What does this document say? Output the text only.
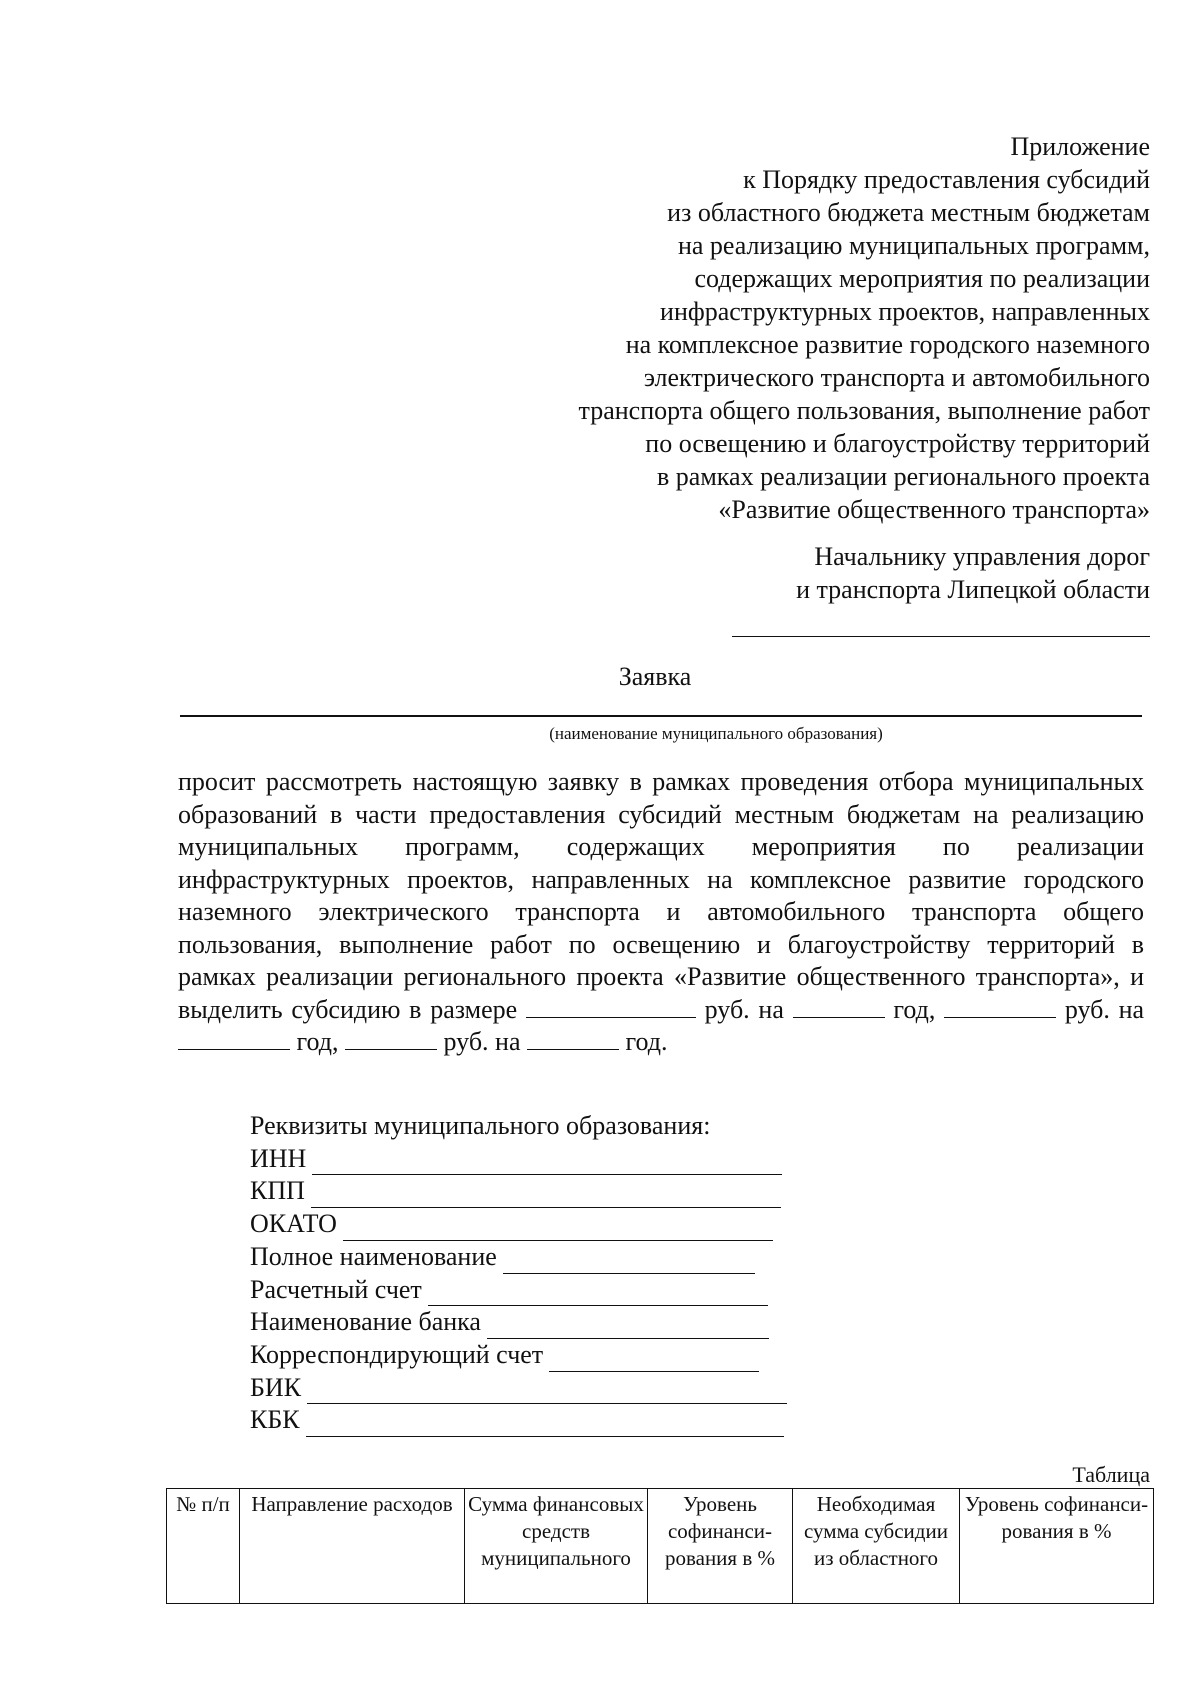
Приложение
к Порядку предоставления субсидий
из областного бюджета местным бюджетам
на реализацию муниципальных программ,
содержащих мероприятия по реализации
инфраструктурных проектов, направленных
на комплексное развитие городского наземного
электрического транспорта и автомобильного
транспорта общего пользования, выполнение работ
по освещению и благоустройству территорий
в рамках реализации регионального проекта
«Развитие общественного транспорта»
Начальнику управления дорог
и транспорта Липецкой области
Заявка
(наименование муниципального образования)
просит рассмотреть настоящую заявку в рамках проведения отбора муниципальных образований в части предоставления субсидий местным бюджетам на реализацию муниципальных программ, содержащих мероприятия по реализации инфраструктурных проектов, направленных на комплексное развитие городского наземного электрического транспорта и автомобильного транспорта общего пользования, выполнение работ по освещению и благоустройству территорий в рамках реализации регионального проекта «Развитие общественного транспорта», и выделить субсидию в размере	руб. на	год,	руб. на  год,	руб. на	год.
Реквизиты муниципального образования:
ИНН
КПП
ОКАТО
Полное наименование
Расчетный счет
Наименование банка
Корреспондирующий счет
БИК
КБК
Таблица
№ п/п	Направление расходов	Сумма финансовых средств муниципального	Уровень софинанси-рования в %	Необходимая сумма субсидии из областного	Уровень софинанси-рования в %
